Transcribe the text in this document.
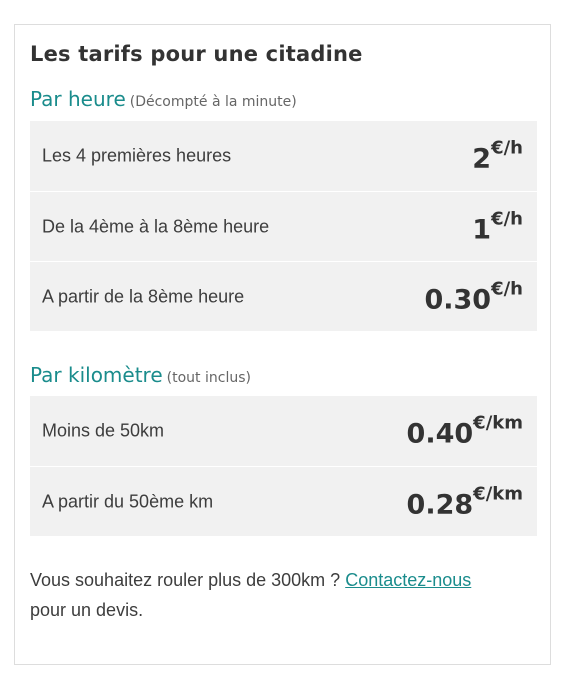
Les tarifs pour une citadine
Par heure (Décompté à la minute)
Les 4 premières heures	2€/h
De la 4ème à la 8ème heure	1€/h
A partir de la 8ème heure	0.30€/h
Par kilomètre (tout inclus)
Moins de 50km	0.40€/km
A partir du 50ème km	0.28€/km

Vous souhaitez rouler plus de 300km ? Contactez-nous pour un devis.
